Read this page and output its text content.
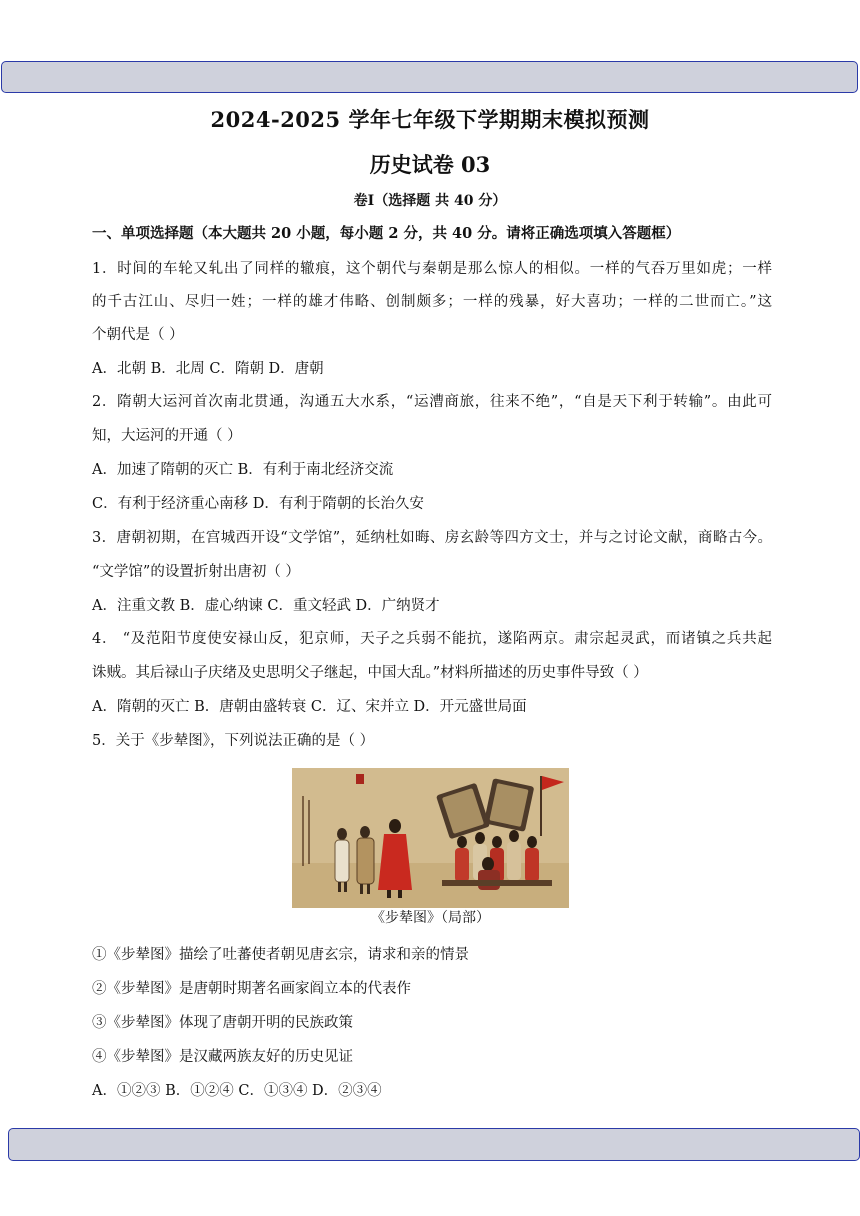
2024-2025 学年七年级下学期期末模拟预测
历史试卷 03
卷Ⅰ（选择题 共 40 分）
一、单项选择题（本大题共 20 小题，每小题 2 分，共 40 分。请将正确选项填入答题框）
1．时间的车轮又轧出了同样的辙痕，这个朝代与秦朝是那么惊人的相似。一样的气吞万里如虎；一样
的千古江山、尽归一姓；一样的雄才伟略、创制颇多；一样的残暴，好大喜功；一样的二世而亡。”这
个朝代是（ ）
A．北朝 B．北周 C．隋朝 D．唐朝
2．隋朝大运河首次南北贯通，沟通五大水系，“运漕商旅，往来不绝”，“自是天下利于转输”。由此可
知，大运河的开通（ ）
A．加速了隋朝的灭亡 B．有利于南北经济交流
C．有利于经济重心南移 D．有利于隋朝的长治久安
3．唐朝初期，在宫城西开设“文学馆”，延纳杜如晦、房玄龄等四方文士，并与之讨论文献，商略古今。
“文学馆”的设置折射出唐初（ ）
A．注重文教 B．虚心纳谏 C．重文轻武 D．广纳贤才
4． “及范阳节度使安禄山反，犯京师，天子之兵弱不能抗，遂陷两京。肃宗起灵武，而诸镇之兵共起
诛贼。其后禄山子庆绪及史思明父子继起，中国大乱。”材料所描述的历史事件导致（ ）
A．隋朝的灭亡 B．唐朝由盛转衰 C．辽、宋并立 D．开元盛世局面
5．关于《步辇图》，下列说法正确的是（ ）
《步辇图》（局部）
①《步辇图》描绘了吐蕃使者朝见唐玄宗，请求和亲的情景
②《步辇图》是唐朝时期著名画家阎立本的代表作
③《步辇图》体现了唐朝开明的民族政策
④《步辇图》是汉藏两族友好的历史见证
A．①②③ B．①②④ C．①③④ D．②③④
